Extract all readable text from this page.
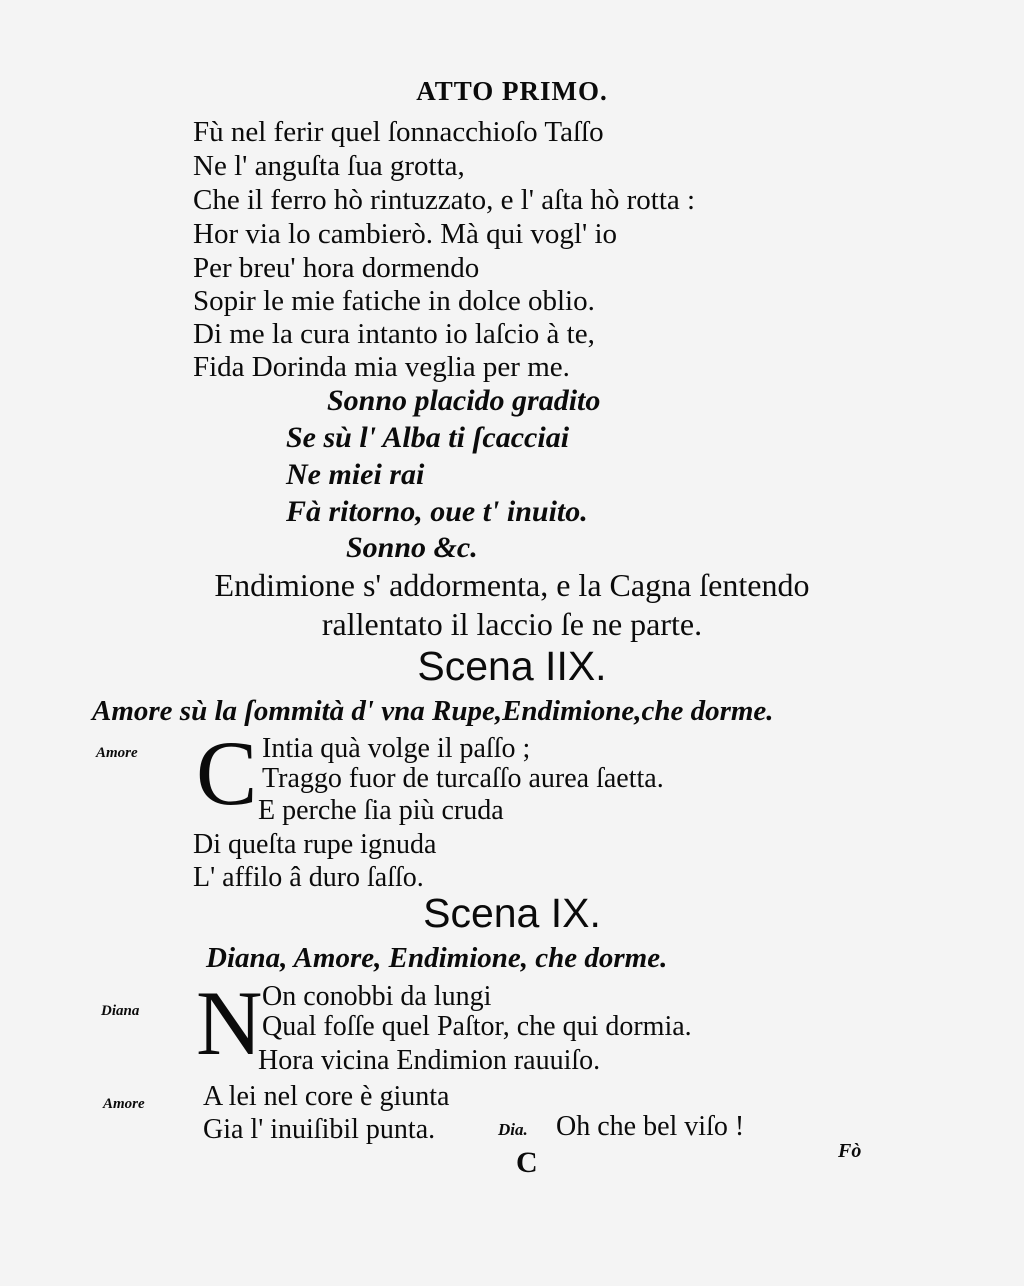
ATTO PRIMO.
Fù nel ferir quel ſonnacchioſo Taſſo
Ne l' anguſta ſua grotta,
Che il ferro hò rintuzzato, e l' aſta hò rotta :
Hor via lo cambierò. Mà qui vogl' io
Per breu' hora dormendo
Sopir le mie fatiche in dolce oblio.
Di me la cura intanto io laſcio à te,
Fida Dorinda mia veglia per me.
Sonno placido gradito
Se sù l' Alba ti ſcacciai
Ne miei rai
Fà ritorno, oue t' inuito.
Sonno &c.
Endimione s' addormenta, e la Cagna ſentendo
rallentato il laccio ſe ne parte.
Scena IIX.
Amore sù la ſommità d' vna Rupe,Endimione,che dorme.
Amore C Intia quà volge il paſſo ;
Traggo fuor de turcaſſo aurea ſaetta.
E perche ſia più cruda
Di queſta rupe ignuda
L' affilo â duro ſaſſo.
Scena IX.
Diana, Amore, Endimione, che dorme.
Diana N On conobbi da lungi
Qual foſſe quel Paſtor, che qui dormia.
Hora vicina Endimion rauuiſo.
Amore A lei nel core è giunta
Gia l' inuiſibil punta.	Dia. Oh che bel viſo !
C	Fò
